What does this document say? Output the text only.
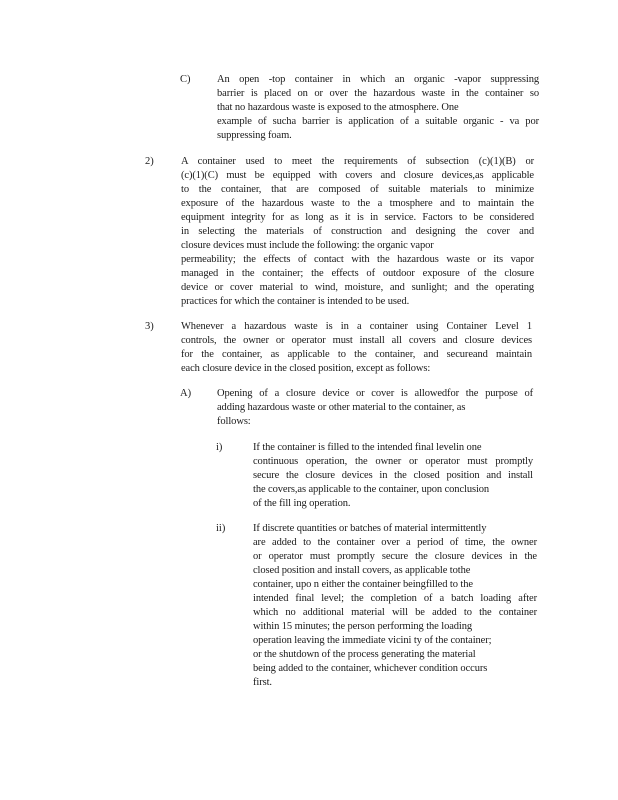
C)	An open -top container in which an organic -vapor suppressing
barrier is placed on or over the hazardous waste in the container so
that no hazardous waste is exposed to the atmosphere. One
example of sucha barrier is application of a suitable organic - va por
suppressing foam.
2)	A container used to meet the requirements of subsection (c)(1)(B) or
(c)(1)(C) must be equipped with covers and closure devices,as applicable
to the container, that are composed of suitable materials to minimize
exposure of the hazardous waste to the a tmosphere and to maintain the
equipment integrity for as long as it is in service. Factors to be considered
in selecting the materials of construction and designing the cover and
closure devices must include the following: the organic vapor
permeability; the effects of contact with the hazardous waste or its vapor
managed in the container; the effects of outdoor exposure of the closure
device or cover material to wind, moisture, and sunlight; and the operating
practices for which the container is intended to be used.
3)	Whenever a hazardous waste is in a container using Container Level 1
controls, the owner or operator must install all covers and closure devices
for the container, as applicable to the container, and secureand maintain
each closure device in the closed position, except as follows:
A) Opening of a closure device or cover is allowedfor the purpose of
adding hazardous waste or other material to the container, as
follows:
i)	If the container is filled to the intended final levelin one
continuous operation, the owner or operator must promptly
secure the closure devices in the closed position and install
the covers,as applicable to the container, upon conclusion
of the fill ing operation.
ii)	If discrete quantities or batches of material intermittently
are added to the container over a period of time, the owner
or operator must promptly secure the closure devices in the
closed position and install covers, as applicable tothe
container, upo n either the container beingfilled to the
intended final level; the completion of a batch loading after
which no additional material will be added to the container
within 15 minutes; the person performing the loading
operation leaving the immediate vicini ty of the container;
or the shutdown of the process generating the material
being added to the container, whichever condition occurs
first.
